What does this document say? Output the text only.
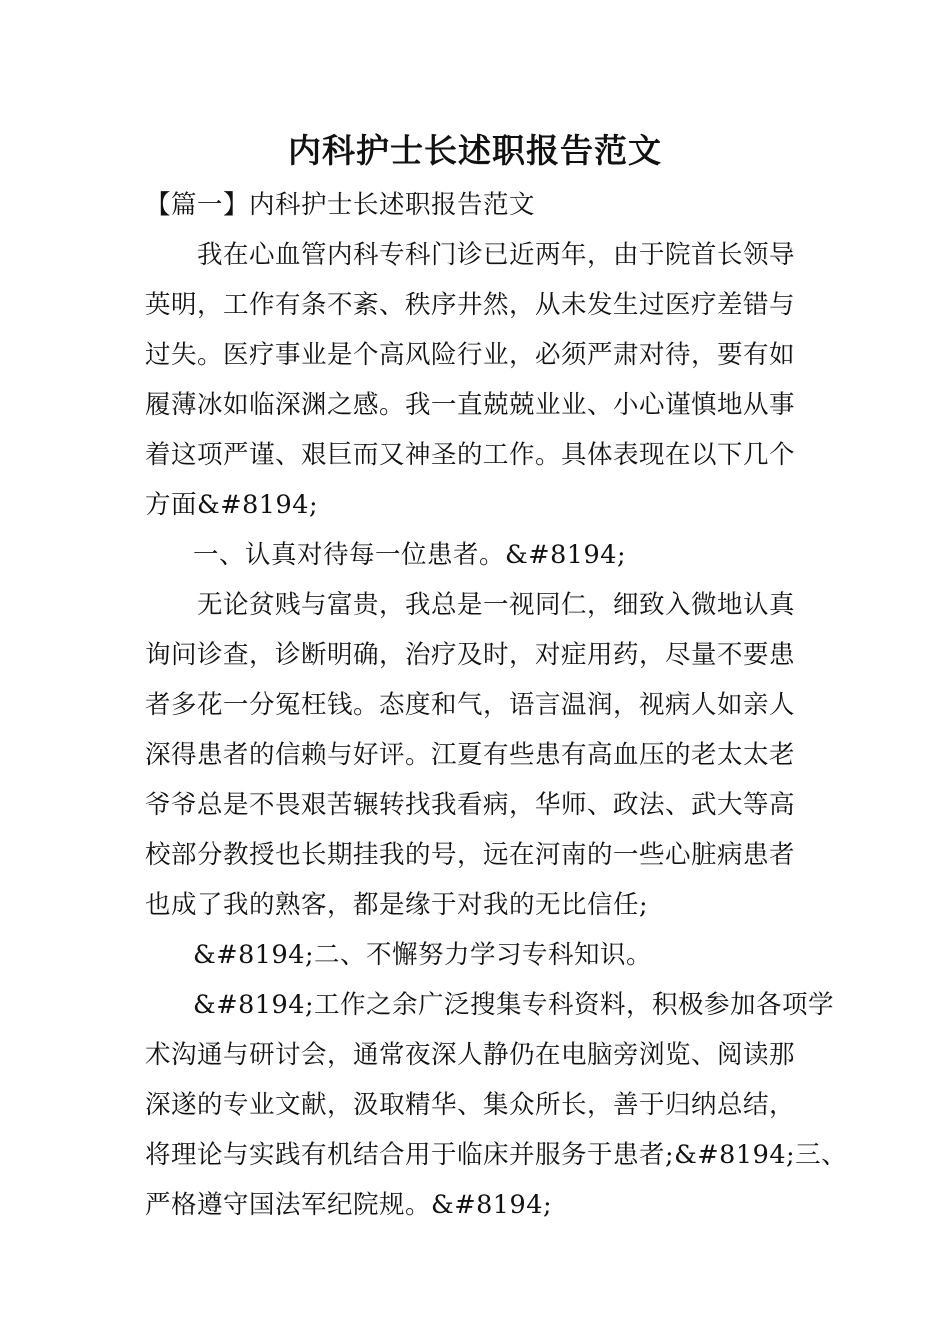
内科护士长述职报告范文
【篇一】内科护士长述职报告范文
我在心血管内科专科门诊已近两年，由于院首长领导
英明，工作有条不紊、秩序井然，从未发生过医疗差错与
过失。医疗事业是个高风险行业，必须严肃对待，要有如
履薄冰如临深渊之感。我一直兢兢业业、小心谨慎地从事
着这项严谨、艰巨而又神圣的工作。具体表现在以下几个
方面&#8194;
一、认真对待每一位患者。&#8194;
无论贫贱与富贵，我总是一视同仁，细致入微地认真
询问诊查，诊断明确，治疗及时，对症用药，尽量不要患
者多花一分冤枉钱。态度和气，语言温润，视病人如亲人
深得患者的信赖与好评。江夏有些患有高血压的老太太老
爷爷总是不畏艰苦辗转找我看病，华师、政法、武大等高
校部分教授也长期挂我的号，远在河南的一些心脏病患者
也成了我的熟客，都是缘于对我的无比信任;
&#8194;二、不懈努力学习专科知识。
&#8194;工作之余广泛搜集专科资料，积极参加各项学
术沟通与研讨会，通常夜深人静仍在电脑旁浏览、阅读那
深遂的专业文献，汲取精华、集众所长，善于归纳总结，
将理论与实践有机结合用于临床并服务于患者;&#8194;三、
严格遵守国法军纪院规。&#8194;
